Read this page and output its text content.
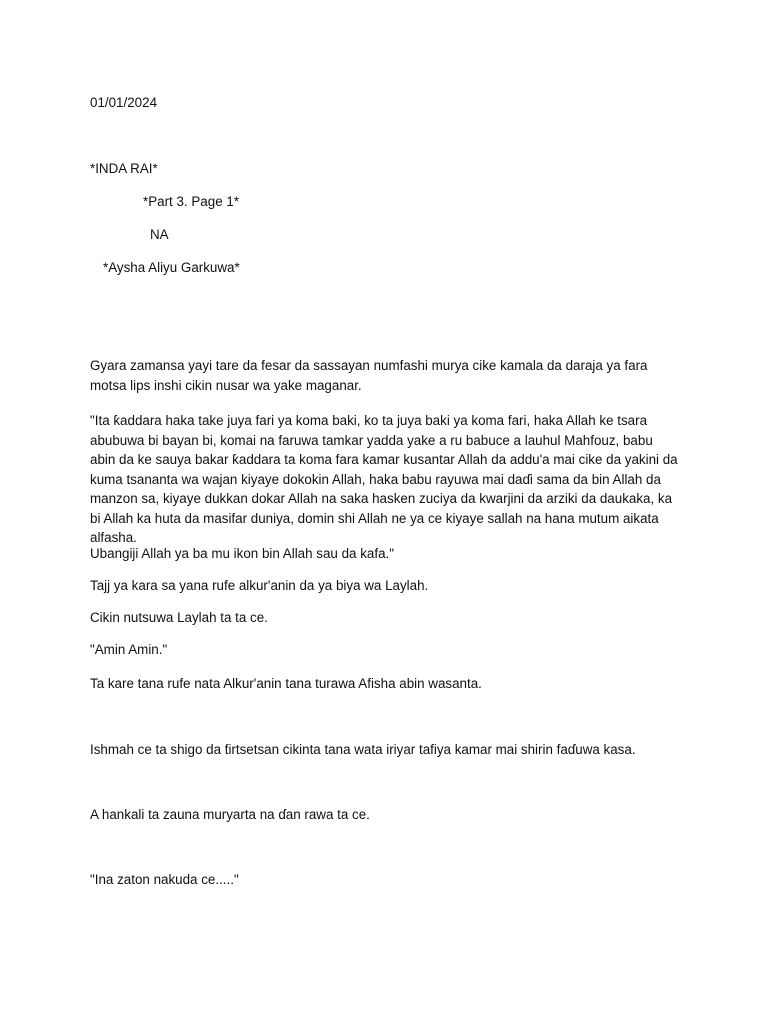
01/01/2024
*INDA RAI*
*Part 3. Page 1*
NA
*Aysha Aliyu Garkuwa*
Gyara zamansa yayi tare da fesar da sassayan numfashi murya cike kamala da daraja ya fara motsa lips inshi cikin nusar wa yake maganar.
"Ita ƙaddara haka take juya fari ya koma baki, ko ta juya baki ya koma fari, haka Allah ke tsara abubuwa bi bayan bi, komai na faruwa tamkar yadda yake a ru babuce a lauhul Mahfouz, babu abin da ke sauya bakar ƙaddara ta koma fara kamar kusantar Allah da addu'a mai cike da yakini da kuma tsananta wa wajan kiyaye dokokin Allah, haka babu rayuwa mai daɗi sama da bin Allah da manzon sa, kiyaye dukkan dokar Allah na saka hasken zuciya da kwarjini da arziki da daukaka, ka bi Allah ka huta da masifar duniya, domin shi Allah ne ya ce kiyaye sallah na hana mutum aikata alfasha.
Ubangiji Allah ya ba mu ikon bin Allah sau da kafa."
Tajj ya kara sa yana rufe alkur'anin da ya biya wa Laylah.
Cikin nutsuwa Laylah ta ta ce.
"Amin Amin."
Ta kare tana rufe nata Alkur'anin tana turawa Afisha abin wasanta.
Ishmah ce ta shigo da ƭirtsetsan cikinta tana wata iriyar tafiya kamar mai shirin faɗuwa kasa.
A hankali ta zauna muryarta na ɗan rawa ta ce.
"Ina zaton nakuda ce....."
